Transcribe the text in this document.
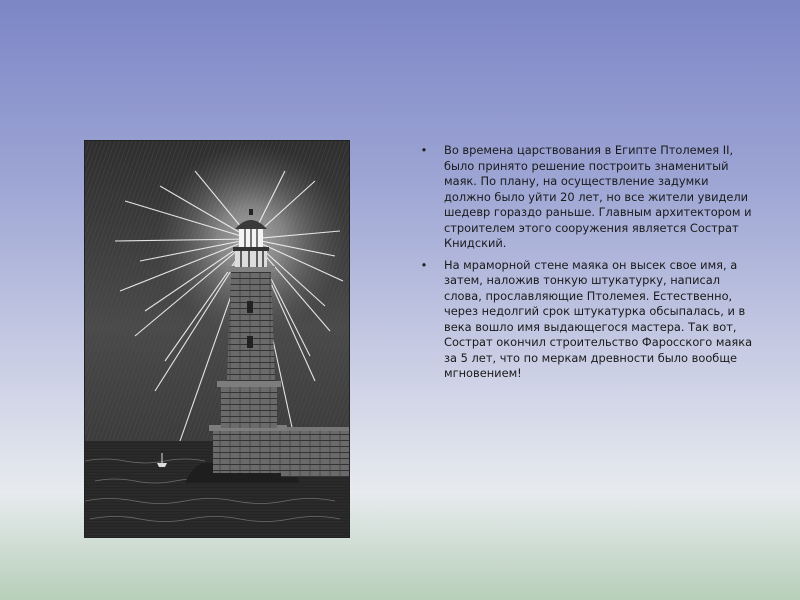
• Во времена царствования в Египте Птолемея II, было принято решение построить знаменитый маяк. По плану, на осуществление задумки должно было уйти 20 лет, но все жители увидели шедевр гораздо раньше. Главным архитектором и строителем этого сооружения является Сострат Книдский.
• На мраморной стене маяка он высек свое имя, а затем, наложив тонкую штукатурку, написал слова, прославляющие Птолемея. Естественно, через недолгий срок штукатурка обсыпалась, и в века вошло имя выдающегося мастера. Так вот, Сострат окончил строительство Фаросского маяка за 5 лет, что по меркам древности было вообще мгновением!
